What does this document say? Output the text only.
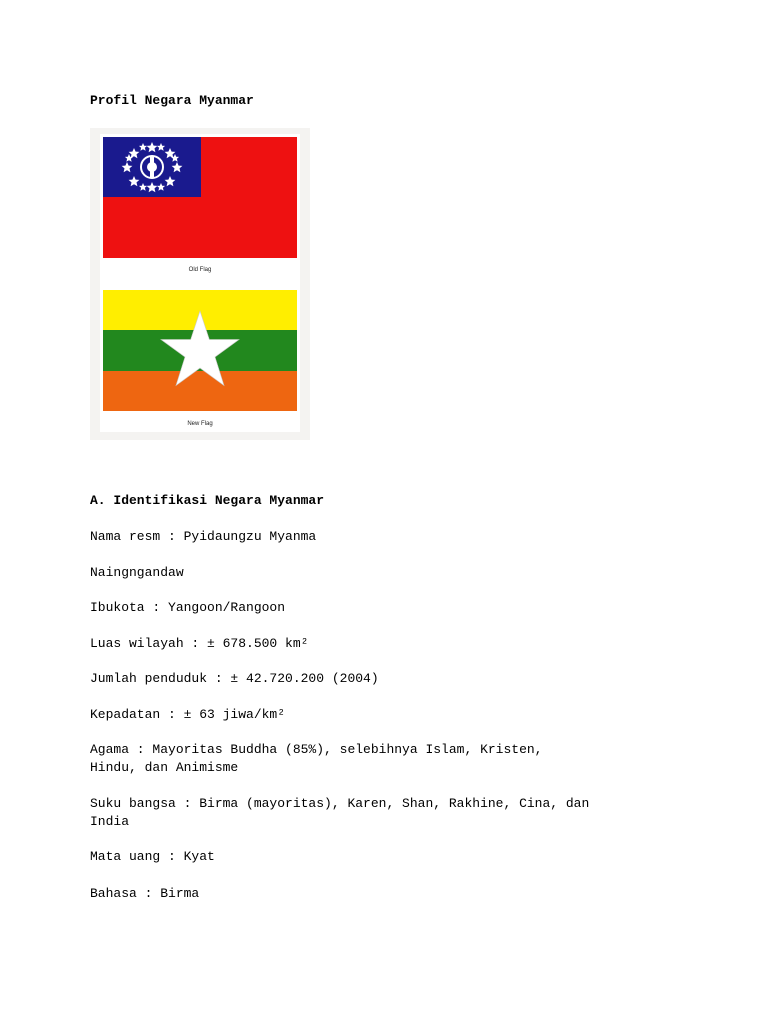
Profil Negara Myanmar
Old Flag
New Flag
A. Identifikasi Negara Myanmar
Nama resm : Pyidaungzu Myanma
Naingngandaw
Ibukota : Yangoon/Rangoon
Luas wilayah : ± 678.500 km²
Jumlah penduduk : ± 42.720.200 (2004)
Kepadatan : ± 63 jiwa/km²
Agama : Mayoritas Buddha (85%), selebihnya Islam, Kristen,
Hindu, dan Animisme
Suku bangsa : Birma (mayoritas), Karen, Shan, Rakhine, Cina, dan
India
Mata uang : Kyat
Bahasa : Birma
